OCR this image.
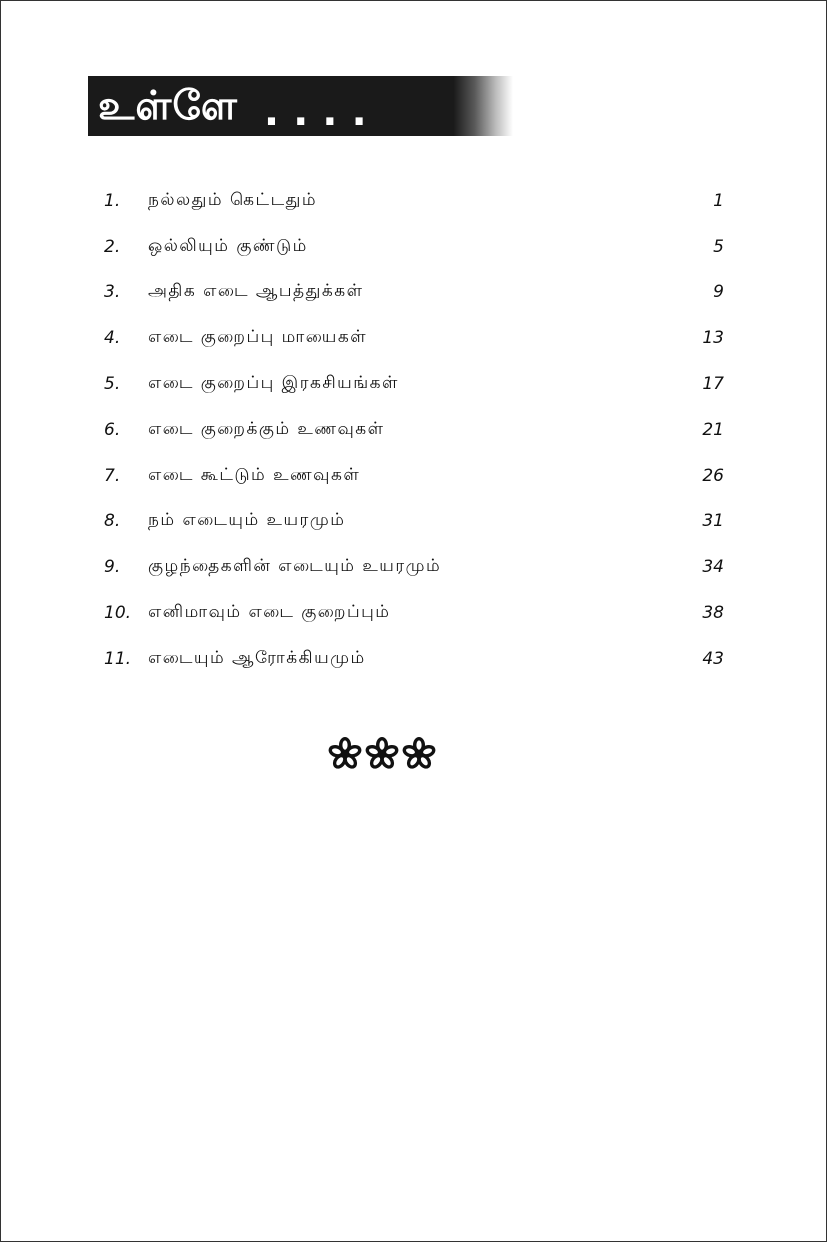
உள்ளே ....
1.	நல்லதும் கெட்டதும்	1
2.	ஒல்லியும் குண்டும்	5
3.	அதிக எடை ஆபத்துக்கள்	9
4.	எடை குறைப்பு மாயைகள்	13
5.	எடை குறைப்பு இரகசியங்கள்	17
6.	எடை குறைக்கும் உணவுகள்	21
7.	எடை கூட்டும் உணவுகள்	26
8.	நம் எடையும் உயரமும்	31
9.	குழந்தைகளின் எடையும் உயரமும்	34
10. எனிமாவும் எடை குறைப்பும்	38
11. எடையும் ஆரோக்கியமும்	43
